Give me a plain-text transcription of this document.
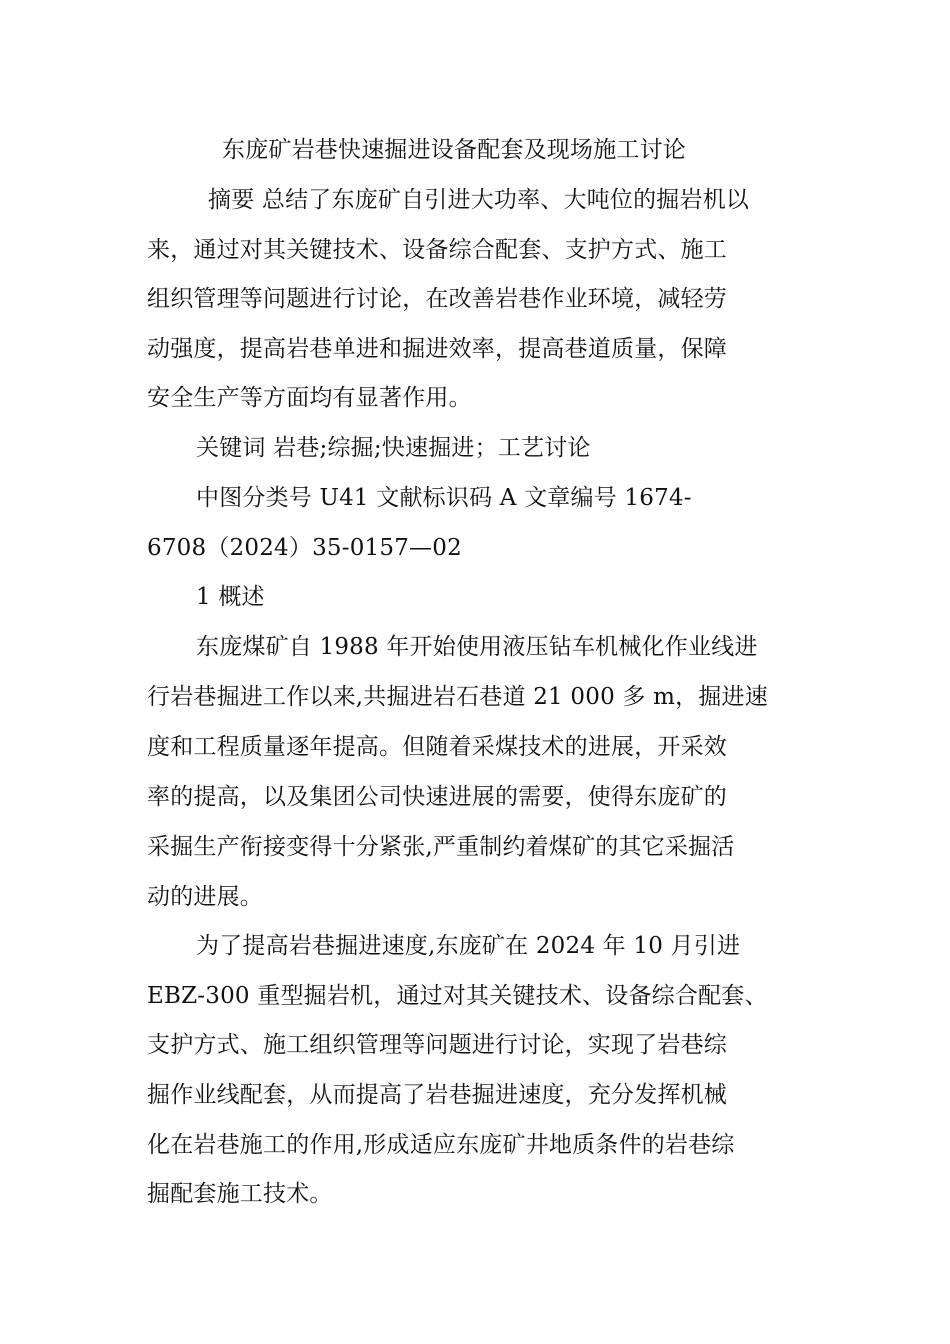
东庞矿岩巷快速掘进设备配套及现场施工讨论
摘要 总结了东庞矿自引进大功率、大吨位的掘岩机以
来，通过对其关键技术、设备综合配套、支护方式、施工
组织管理等问题进行讨论，在改善岩巷作业环境，减轻劳
动强度，提高岩巷单进和掘进效率，提高巷道质量，保障
安全生产等方面均有显著作用。
关键词 岩巷;综掘;快速掘进；工艺讨论
中图分类号 U41 文献标识码 A 文章编号 1674-
6708（2024）35-0157—02
1 概述
东庞煤矿自 1988 年开始使用液压钻车机械化作业线进
行岩巷掘进工作以来,共掘进岩石巷道 21 000 多 m，掘进速
度和工程质量逐年提高。但随着采煤技术的进展，开采效
率的提高，以及集团公司快速进展的需要，使得东庞矿的
采掘生产衔接变得十分紧张,严重制约着煤矿的其它采掘活
动的进展。
为了提高岩巷掘进速度,东庞矿在 2024 年 10 月引进
EBZ-300 重型掘岩机，通过对其关键技术、设备综合配套、
支护方式、施工组织管理等问题进行讨论，实现了岩巷综
掘作业线配套，从而提高了岩巷掘进速度，充分发挥机械
化在岩巷施工的作用,形成适应东庞矿井地质条件的岩巷综
掘配套施工技术。
